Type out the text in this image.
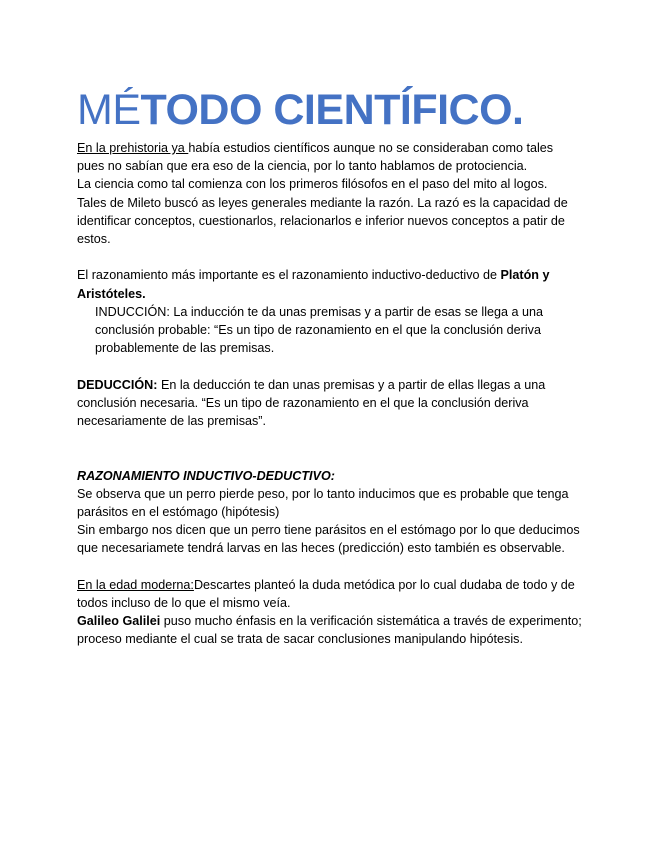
MÉTODO CIENTÍFICO.

En la prehistoria ya había estudios científicos aunque no se consideraban como tales pues no sabían que era eso de la ciencia, por lo tanto hablamos de protociencia.

La ciencia como tal comienza con los primeros filósofos en el paso del mito al logos.

Tales de Mileto buscó as leyes generales mediante la razón. La razó es la capacidad de identificar conceptos, cuestionarlos, relacionarlos e inferior nuevos conceptos a patir de estos.

El razonamiento más importante es el razonamiento inductivo-deductivo de Platón y Aristóteles.

INDUCCIÓN: La inducción te da unas premisas y a partir de esas se llega a una conclusión probable: “Es un tipo de razonamiento en el que la conclusión deriva probablemente de las premisas.

DEDUCCIÓN: En la deducción te dan unas premisas y a partir de ellas llegas a una conclusión necesaria. “Es un tipo de razonamiento en el que la conclusión deriva necesariamente de las premisas”.

RAZONAMIENTO INDUCTIVO-DEDUCTIVO:

Se observa que un perro pierde peso, por lo tanto inducimos que es probable que tenga parásitos en el estómago (hipótesis)

Sin embargo nos dicen que un perro tiene parásitos en el estómago por lo que deducimos que necesariamete tendrá larvas en las heces (predicción) esto también es observable.

En la edad moderna:Descartes planteó la duda metódica por lo cual dudaba de todo y de todos incluso de lo que el mismo veía.

Galileo Galilei puso mucho énfasis en la verificación sistemática a través de experimento; proceso mediante el cual se trata de sacar conclusiones manipulando hipótesis.
